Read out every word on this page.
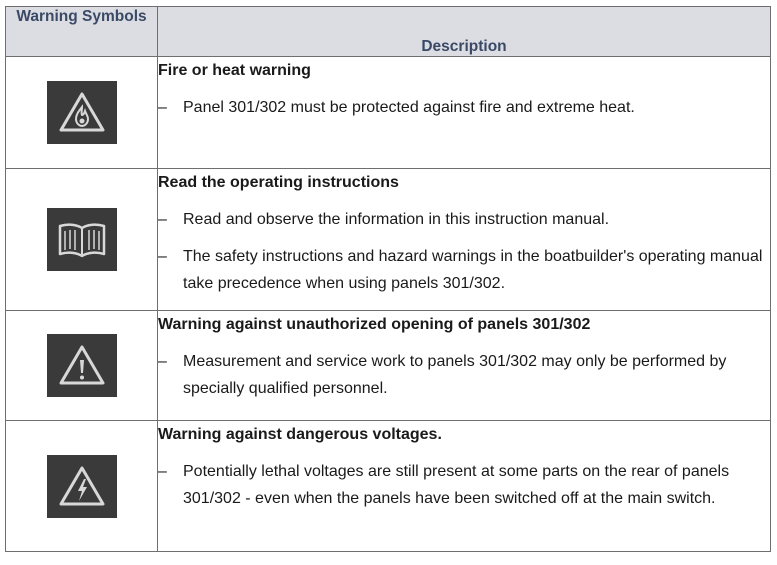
Warning Symbols	Description

Fire or heat warning
– Panel 301/302 must be protected against fire and extreme heat.

Read the operating instructions
– Read and observe the information in this instruction manual.
– The safety instructions and hazard warnings in the boatbuilder's operating manual take precedence when using panels 301/302.

Warning against unauthorized opening of panels 301/302
– Measurement and service work to panels 301/302 may only be performed by specially qualified personnel.

Warning against dangerous voltages.
– Potentially lethal voltages are still present at some parts on the rear of panels 301/302 - even when the panels have been switched off at the main switch.
